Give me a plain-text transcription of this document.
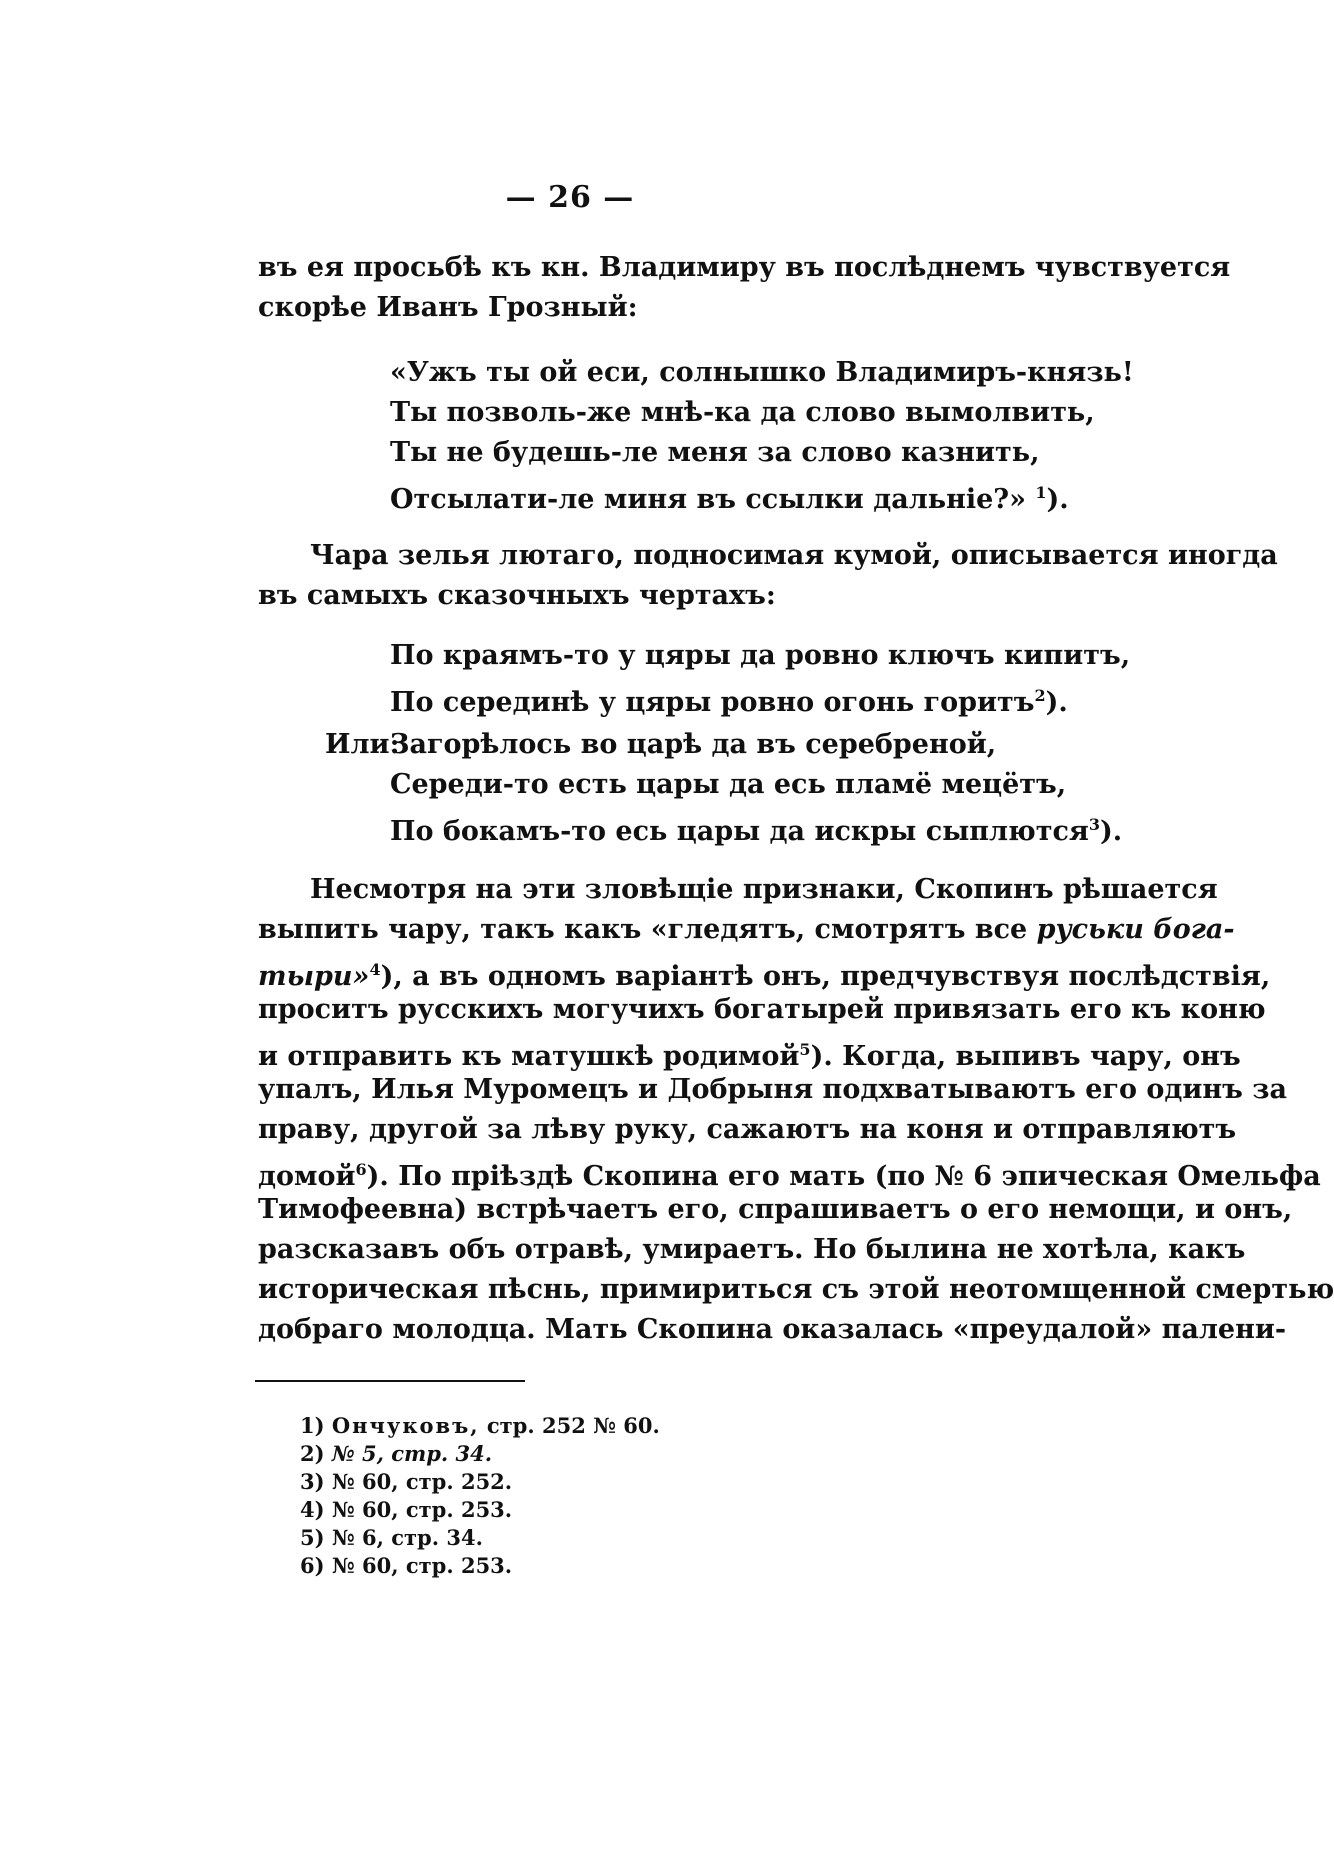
— 26 —
въ ея просьбѣ къ кн. Владимиру въ послѣднемъ чувствуется
скорѣе Иванъ Грозный:
«Ужъ ты ой еси, солнышко Владимиръ-князь!
Ты позволь-же мнѣ-ка да слово вымолвить,
Ты не будешь-ле меня за слово казнить,
Отсылати-ле миня въ ссылки дальніе?» $^1$).
Чара зелья лютаго, подносимая кумой, описывается иногда
въ самыхъ сказочныхъ чертахъ:
По краямъ-то у цяры да ровно ключъ кипитъ,
По серединѣ у цяры ровно огонь горитъ$^2$).
Или:
Загорѣлось во царѣ да въ серебреной,
Середи-то есть цары да есь пламё мецётъ,
По бокамъ-то есь цары да искры сыплются$^3$).
Несмотря на эти зловѣщіе признаки, Скопинъ рѣшается
выпить чару, такъ какъ «гледятъ, смотрятъ все руськи бога-
тыри»$^4$), а въ одномъ варіантѣ онъ, предчувствуя послѣдствія,
проситъ русскихъ могучихъ богатырей привязать его къ коню
и отправить къ матушкѣ родимой$^5$). Когда, выпивъ чару, онъ
упалъ, Илья Муромецъ и Добрыня подхватываютъ его одинъ за
праву, другой за лѣву руку, сажаютъ на коня и отправляютъ
домой$^6$). По пріѣздѣ Скопина его мать (по № 6 эпическая Омельфа
Тимофеевна) встрѣчаетъ его, спрашиваетъ о его немощи, и онъ,
разсказавъ объ отравѣ, умираетъ. Но былина не хотѣла, какъ
историческая пѣснь, примириться съ этой неотомщенной смертью
добраго молодца. Мать Скопина оказалась «преудалой» палени-
1) Ончуковъ, стр. 252 № 60.
2) № 5, стр. 34.
3) № 60, стр. 252.
4) № 60, стр. 253.
5) № 6, стр. 34.
6) № 60, стр. 253.
